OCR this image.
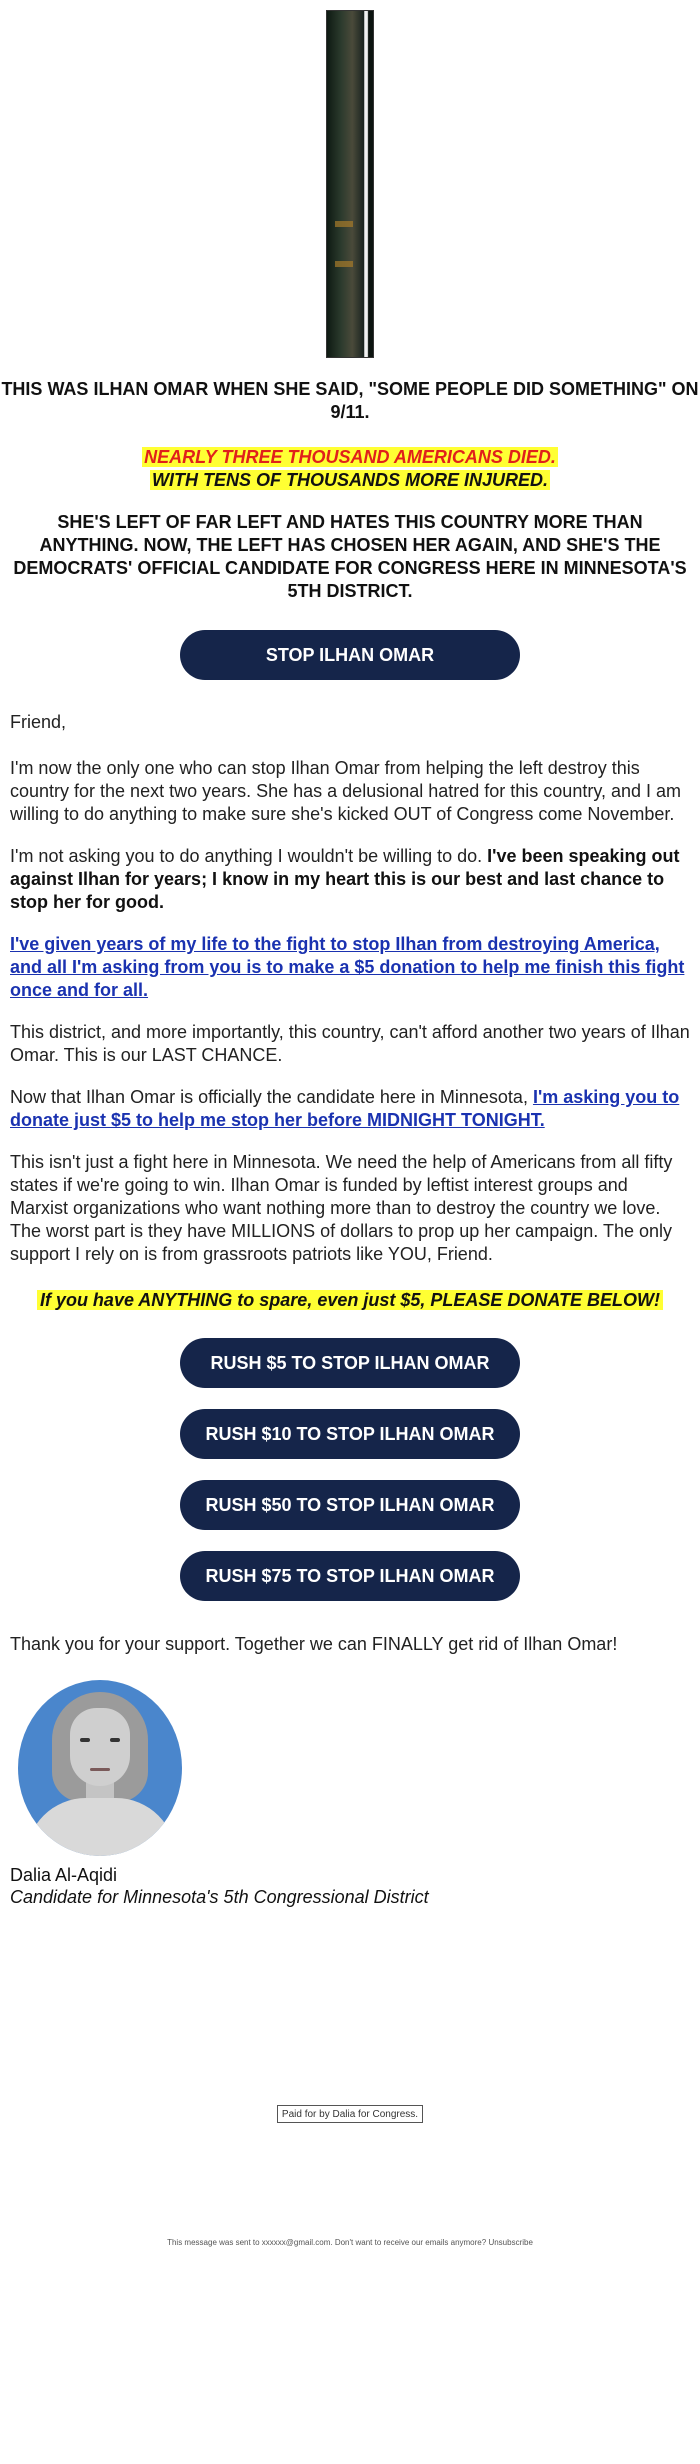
THIS WAS ILHAN OMAR WHEN SHE SAID, "SOME PEOPLE DID SOMETHING" ON 9/11.
NEARLY THREE THOUSAND AMERICANS DIED.
WITH TENS OF THOUSANDS MORE INJURED.
SHE'S LEFT OF FAR LEFT AND HATES THIS COUNTRY MORE THAN ANYTHING. NOW, THE LEFT HAS CHOSEN HER AGAIN, AND SHE'S THE DEMOCRATS' OFFICIAL CANDIDATE FOR CONGRESS HERE IN MINNESOTA'S 5TH DISTRICT.
STOP ILHAN OMAR
Friend,
I'm now the only one who can stop Ilhan Omar from helping the left destroy this country for the next two years. She has a delusional hatred for this country, and I am willing to do anything to make sure she's kicked OUT of Congress come November.
I'm not asking you to do anything I wouldn't be willing to do. I've been speaking out against Ilhan for years; I know in my heart this is our best and last chance to stop her for good.
I've given years of my life to the fight to stop Ilhan from destroying America, and all I'm asking from you is to make a $5 donation to help me finish this fight once and for all.
This district, and more importantly, this country, can't afford another two years of Ilhan Omar. This is our LAST CHANCE.
Now that Ilhan Omar is officially the candidate here in Minnesota, I'm asking you to donate just $5 to help me stop her before MIDNIGHT TONIGHT.
This isn't just a fight here in Minnesota. We need the help of Americans from all fifty states if we're going to win. Ilhan Omar is funded by leftist interest groups and Marxist organizations who want nothing more than to destroy the country we love. The worst part is they have MILLIONS of dollars to prop up her campaign. The only support I rely on is from grassroots patriots like YOU, Friend.
If you have ANYTHING to spare, even just $5, PLEASE DONATE BELOW!
RUSH $5 TO STOP ILHAN OMAR
RUSH $10 TO STOP ILHAN OMAR
RUSH $50 TO STOP ILHAN OMAR
RUSH $75 TO STOP ILHAN OMAR
Thank you for your support. Together we can FINALLY get rid of Ilhan Omar!
Dalia Al-Aqidi
Candidate for Minnesota's 5th Congressional District
Paid for by Dalia for Congress.
This message was sent to xxxxxx@gmail.com. Don't want to receive our emails anymore? Unsubscribe
